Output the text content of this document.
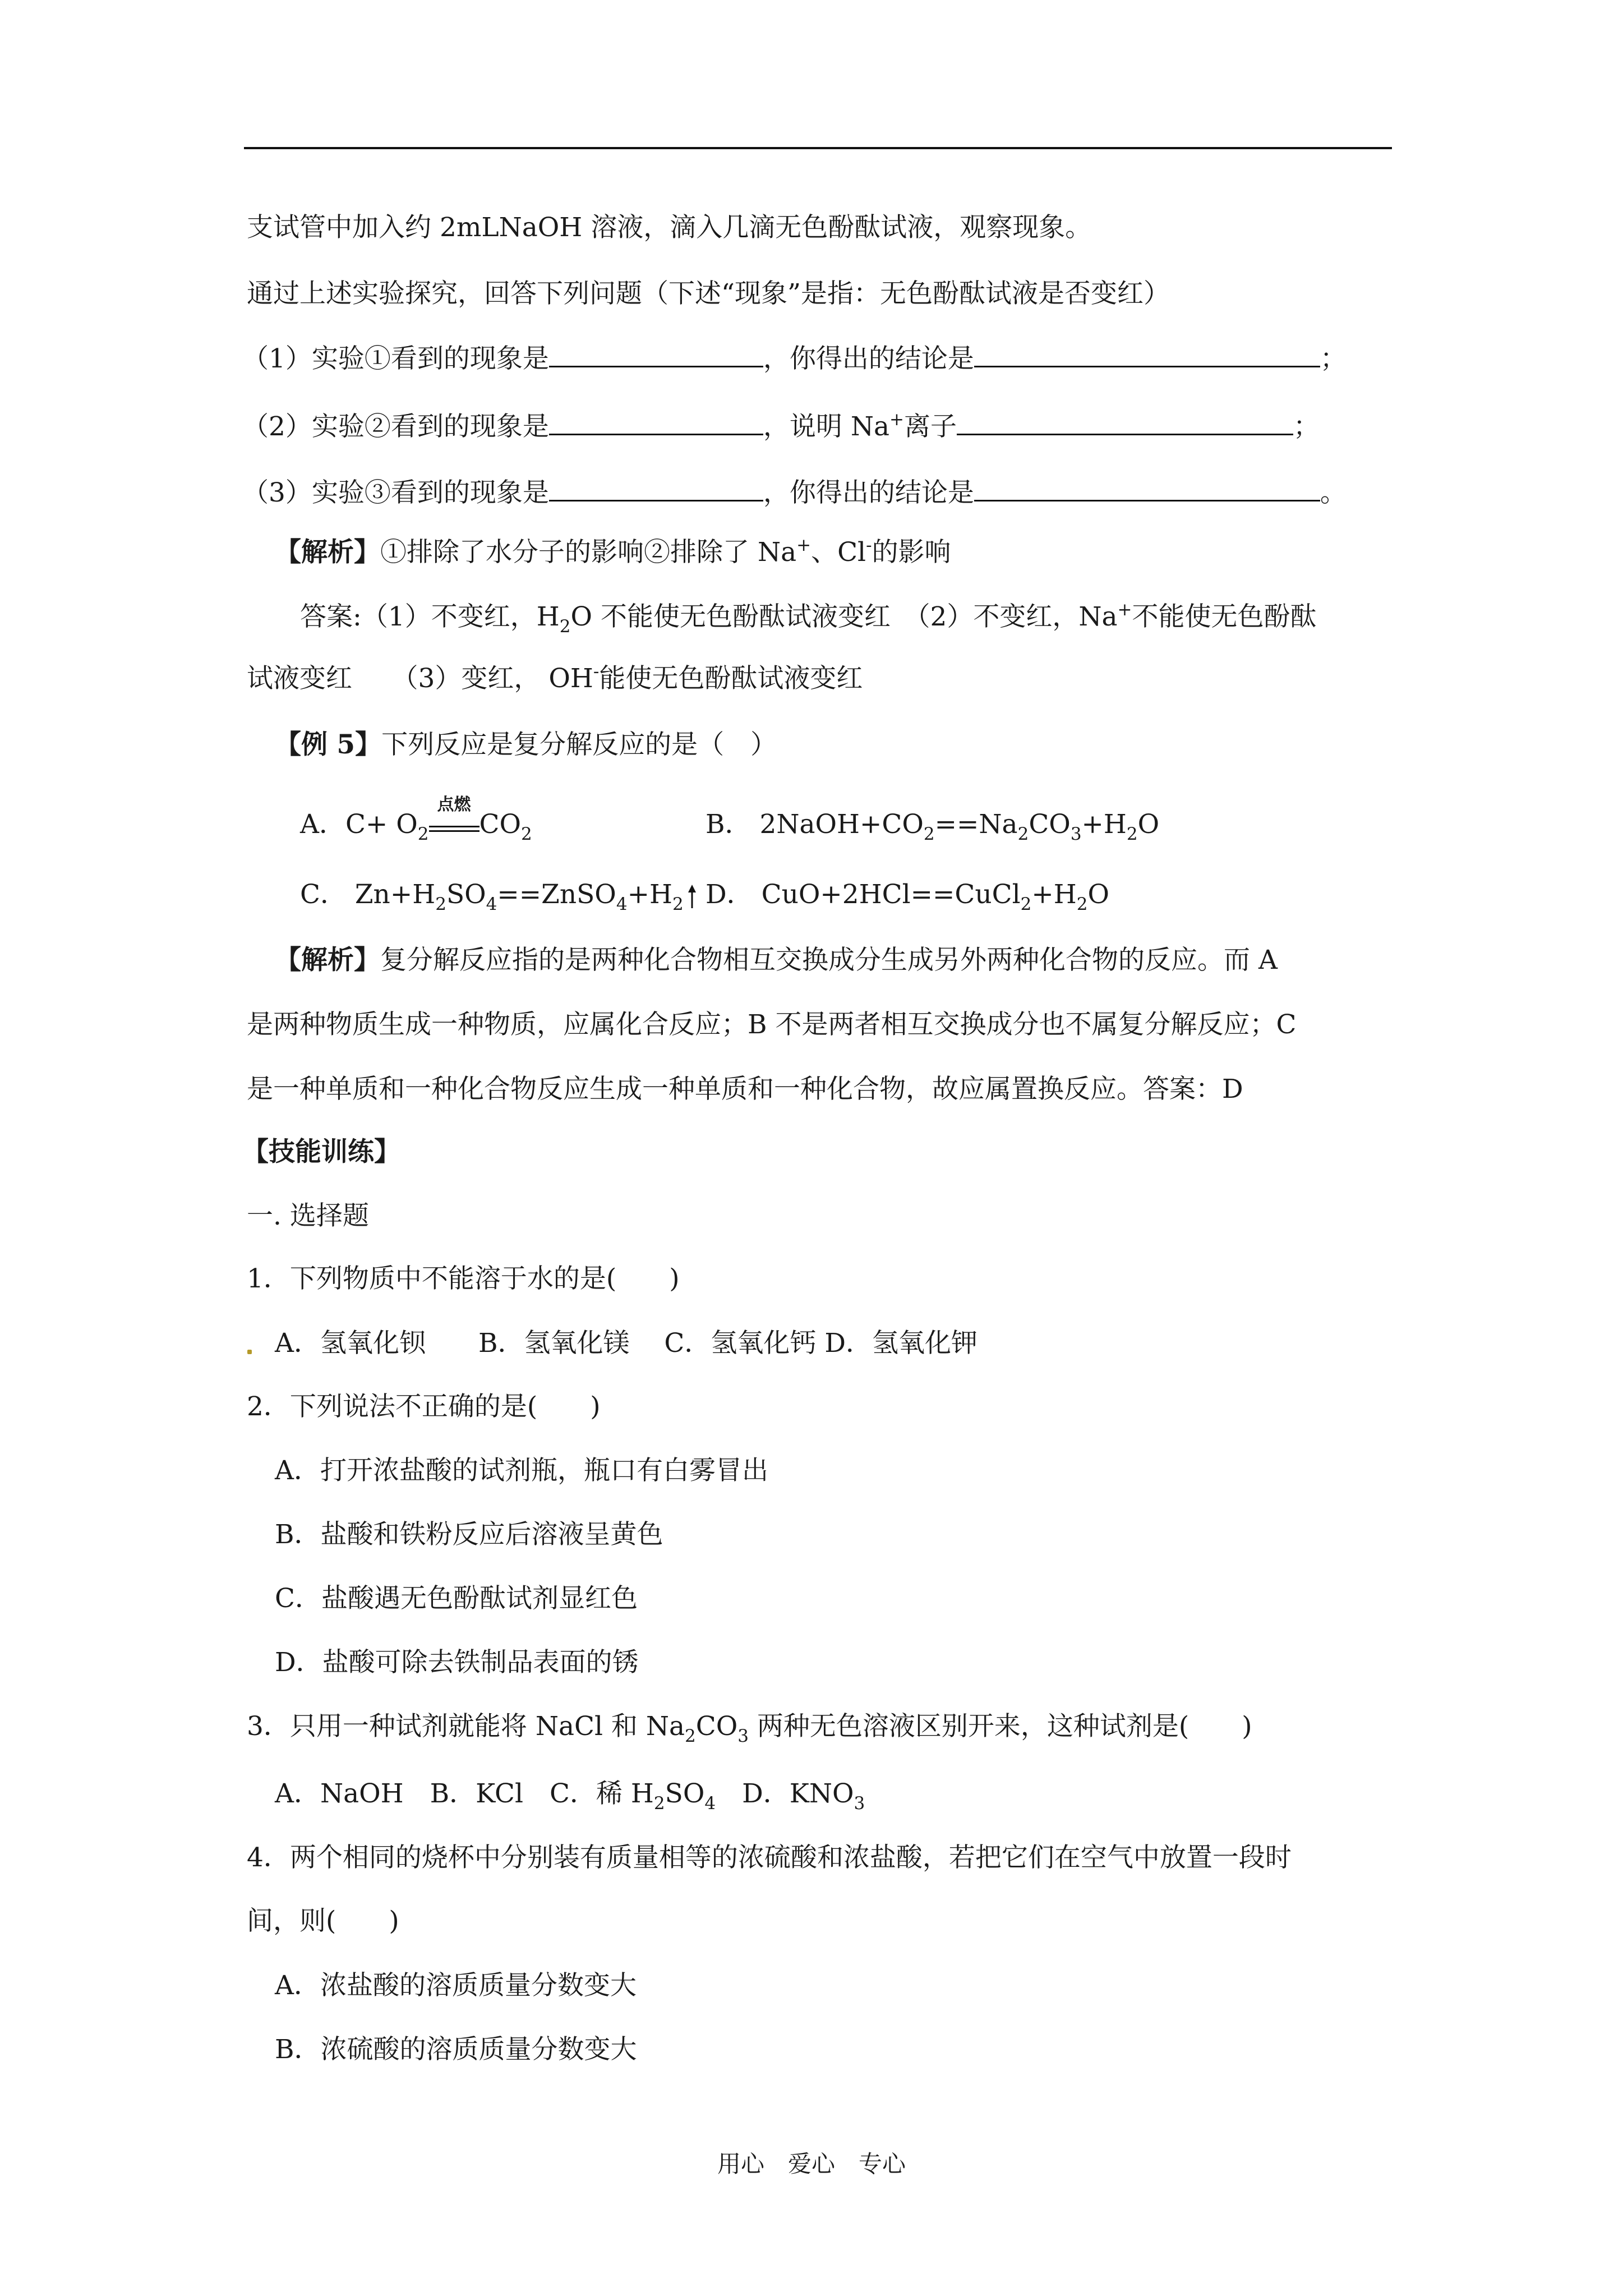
支试管中加入约 2mLNaOH 溶液，滴入几滴无色酚酞试液，观察现象。
通过上述实验探究，回答下列问题（下述“现象”是指：无色酚酞试液是否变红）
（1）实验①看到的现象是	，你得出的结论是	；
（2）实验②看到的现象是	，说明 Na+离子	；
（3）实验③看到的现象是	，你得出的结论是	。
【解析】①排除了水分子的影响②排除了 Na+、Cl-的影响
答案:（1）不变红，$H_2O$ 不能使无色酚酞试液变红　（2）不变红，Na+不能使无色酚酞
试液变红　　（3）变红， OH-能使无色酚酞试液变红
【例 5】下列反应是复分解反应的是（　）
A．$C+ O_2$
点燃
$CO_2$	B． $2NaOH+CO_2==Na_2CO_3+H_2O$
C． $Zn+H_2SO_4==ZnSO_4+H_2$ D． $CuO+2HCl==CuCl_2+H_2O$
【解析】复分解反应指的是两种化合物相互交换成分生成另外两种化合物的反应。而 A
是两种物质生成一种物质，应属化合反应；B 不是两者相互交换成分也不属复分解反应；C
是一种单质和一种化合物反应生成一种单质和一种化合物，故应属置换反应。答案：D
【技能训练】
一. 选择题
1．下列物质中不能溶于水的是(　　)
A．氢氧化钡　　B．氢氧化镁　 C．氢氧化钙 D．氢氧化钾
2．下列说法不正确的是(　　)
A．打开浓盐酸的试剂瓶，瓶口有白雾冒出
B．盐酸和铁粉反应后溶液呈黄色
C．盐酸遇无色酚酞试剂显红色
D．盐酸可除去铁制品表面的锈
3．只用一种试剂就能将 NaCl 和 $Na_2CO_3$ 两种无色溶液区别开来，这种试剂是(　　)
A．NaOH　B．KCl　C．稀 $H_2SO_4$　D．$KNO_3$
4．两个相同的烧杯中分别装有质量相等的浓硫酸和浓盐酸，若把它们在空气中放置一段时
间，则(　　)
A．浓盐酸的溶质质量分数变大
B．浓硫酸的溶质质量分数变大
用心　爱心　专心
